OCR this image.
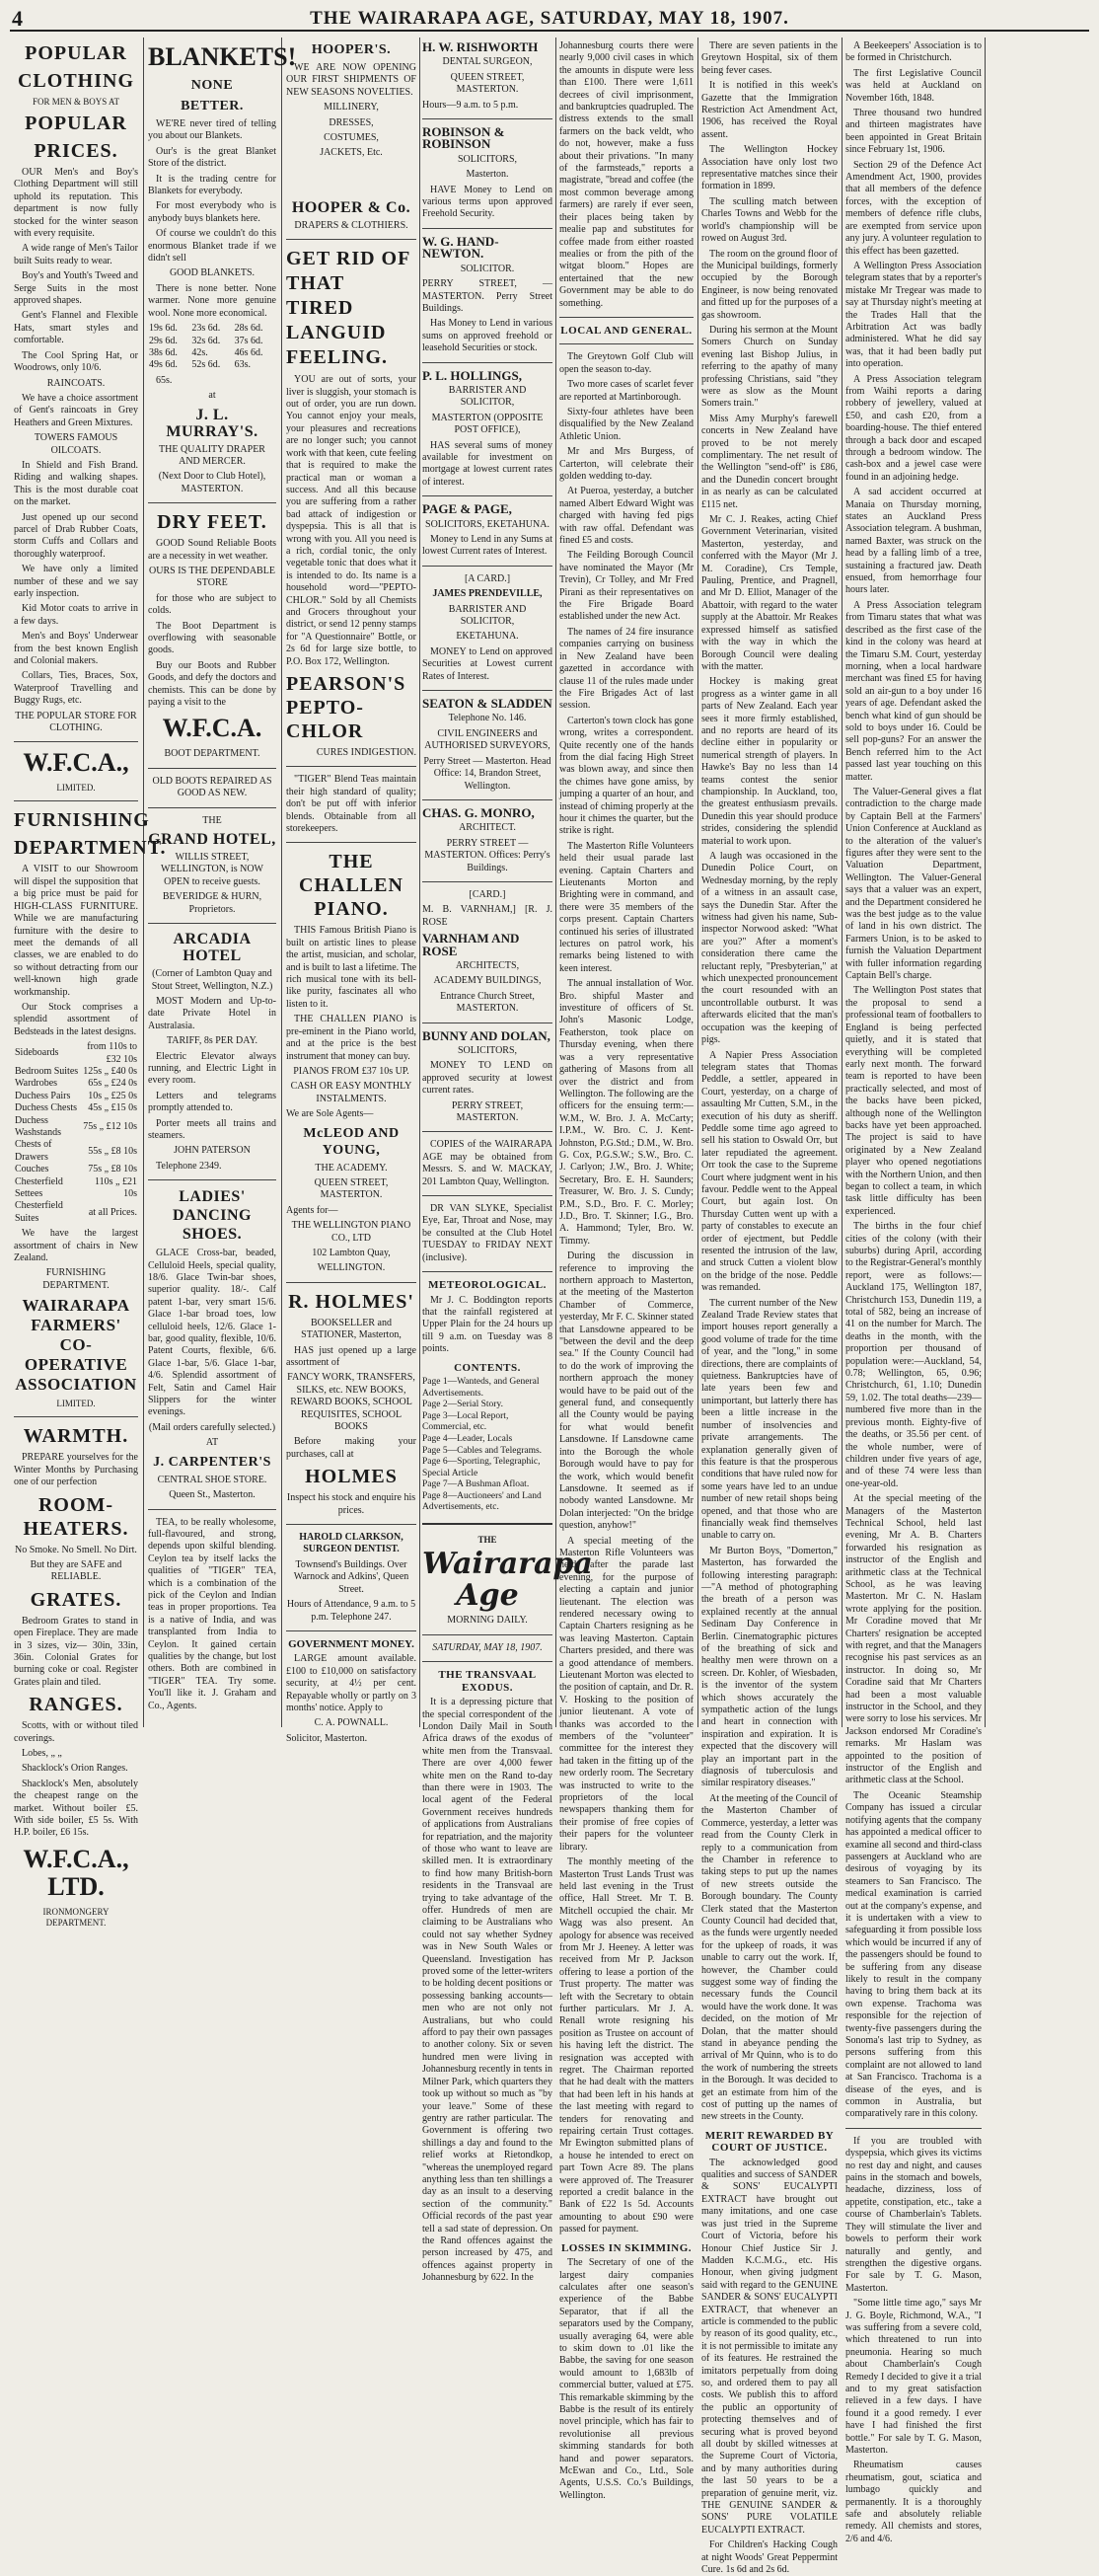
4	THE WAIRARAPA AGE, SATURDAY, MAY 18, 1907.
POPULAR
CLOTHING
FOR MEN & BOYS AT
POPULAR
PRICES.

OUR Men's and Boy's Clothing Department will still uphold its reputation. This department is now fully stocked for the winter season with every requisite.

A wide range of Men's Tailor built Suits ready to wear.

Boy's and Youth's Tweed and Serge Suits in the most approved shapes.

Gent's Flannel and Flexible Hats, smart styles and comfortable.

The Cool Spring Hat, or Woodrows, only 10/6.

RAINCOATS.

We have a choice assortment of Gent's raincoats in Grey Heathers and Green Mixtures.

TOWERS FAMOUS OILCOATS.

In Shield and Fish Brand. Riding and walking shapes. This is the most durable coat on the market.

Just opened up our second parcel of Drab Rubber Coats, storm Cuffs and Collars and thoroughly waterproof.

We have only a limited number of these and we say early inspection.

Kid Motor coats to arrive in a few days.

Men's and Boys' Underwear from the best known English and Colonial makers.

Collars, Ties, Braces, Sox, Waterproof Travelling and Buggy Rugs, etc.

THE POPULAR STORE FOR CLOTHING.
W.F.C.A.,
LIMITED.
FURNISHING
DEPARTMENT.

A VISIT to our Showroom will dispel the supposition that a big price must be paid for HIGH-CLASS FURNITURE. While we are manufacturing furniture with the desire to meet the demands of all classes, we are enabled to do so without detracting from our well-known high grade workmanship.

Our Stock comprises a splendid assortment of Bedsteads in the latest designs.

Sideboards	from 110s to £32 10s
Bedroom Suites	125s „ £40 0s
Wardrobes	65s „ £24 0s
Duchess Pairs	10s „ £25 0s
Duchess Chests	45s „ £15 0s
Duchess Washstands	75s „ £12 10s
Chests of Drawers	55s „ £8 10s
Couches	75s „ £8 10s
Chesterfield Settees	110s „ £21 10s
Chesterfield Suites	at all Prices.

We have the largest assortment of chairs in New Zealand.

FURNISHING DEPARTMENT.
WAIRARAPA FARMERS' CO-OPERATIVE ASSOCIATION
LIMITED.
WARMTH.

PREPARE yourselves for the Winter Months by Purchasing one of our perfection

ROOM-HEATERS.

No Smoke. No Smell. No Dirt.

But they are SAFE and RELIABLE.

GRATES.

Bedroom Grates to stand in open Fireplace. They are made in 3 sizes, viz— 30in, 33in, 36in. Colonial Grates for burning coke or coal. Register Grates plain and tiled.

RANGES.

Scotts, with or without tiled coverings.

Lobes, „ „

Shacklock's Orion Ranges.

Shacklock's Men, absolutely the cheapest range on the market. Without boiler £5. With side boiler, £5 5s. With H.P. boiler, £6 15s.

W.F.C.A., LTD.
IRONMONGERY DEPARTMENT.
BLANKETS!
NONE
BETTER.

WE'RE never tired of telling you about our Blankets.

Our's is the great Blanket Store of the district.

It is the trading centre for Blankets for everybody.

For most everybody who is anybody buys blankets here.

Of course we couldn't do this enormous Blanket trade if we didn't sell

GOOD BLANKETS.

There is none better. None warmer. None more genuine wool. None more economical.

19s 6d.	23s 6d.	28s 6d.
29s 6d.	32s 6d.	37s 6d.
38s 6d.	42s.	46s 6d.
49s 6d.	52s 6d.	63s.

65s.

at

J. L. MURRAY'S.

THE QUALITY DRAPER AND MERCER.

(Next Door to Club Hotel), MASTERTON.

DRY FEET.

GOOD Sound Reliable Boots are a necessity in wet weather.

OURS IS THE DEPENDABLE STORE

for those who are subject to colds.

The Boot Department is overflowing with seasonable goods.

Buy our Boots and Rubber Goods, and defy the doctors and chemists. This can be done by paying a visit to the

W.F.C.A.

BOOT DEPARTMENT.

OLD BOOTS REPAIRED AS GOOD AS NEW.

THE

GRAND HOTEL,

WILLIS STREET, WELLINGTON, is NOW OPEN to receive guests.

BEVERIDGE & HURN, Proprietors.

ARCADIA HOTEL

(Corner of Lambton Quay and Stout Street, Wellington, N.Z.)

MOST Modern and Up-to-date Private Hotel in Australasia.

TARIFF, 8s PER DAY.

Electric Elevator always running, and Electric Light in every room.

Letters and telegrams promptly attended to.

Porter meets all trains and steamers.

JOHN PATERSON

Telephone 2349.

LADIES' DANCING SHOES.

GLACE Cross-bar, beaded, Celluloid Heels, special quality, 18/6. Glace Twin-bar shoes, superior quality. 18/-. Calf patent 1-bar, very smart 15/6. Glace 1-bar broad toes, low celluloid heels, 12/6. Glace 1-bar, good quality, flexible, 10/6. Patent Courts, flexible, 6/6. Glace 1-bar, 5/6. Glace 1-bar, 4/6. Splendid assortment of Felt, Satin and Camel Hair Slippers for the winter evenings.

(Mail orders carefully selected.)

AT

J. CARPENTER'S

CENTRAL SHOE STORE.

Queen St., Masterton.

TEA, to be really wholesome, full-flavoured, and strong, depends upon skilful blending. Ceylon tea by itself lacks the qualities of "TIGER" TEA, which is a combination of the pick of the Ceylon and Indian teas in proper proportions. Tea is a native of India, and was transplanted from India to Ceylon. It gained certain qualities by the change, but lost others. Both are combined in "TIGER" TEA. Try some. You'll like it. J. Graham and Co., Agents.

HOOPER'S.

WE ARE NOW OPENING OUR FIRST SHIPMENTS OF NEW SEASONS NOVELTIES.

MILLINERY,

DRESSES,

COSTUMES,

JACKETS, Etc.

HOOPER & Co.

DRAPERS & CLOTHIERS.

GET RID OF THAT TIRED LANGUID FEELING.

YOU are out of sorts, your liver is sluggish, your stomach is out of order, you are run down. You cannot enjoy your meals, your pleasures and recreations are no longer such; you cannot work with that keen, cute feeling that is required to make the practical man or woman a success. And all this because you are suffering from a rather bad attack of indigestion or dyspepsia. This is all that is wrong with you. All you need is a rich, cordial tonic, the only vegetable tonic that does what it is intended to do. Its name is a household word—"PEPTO-CHLOR." Sold by all Chemists and Grocers throughout your district, or send 12 penny stamps for "A Questionnaire" Bottle, or 2s 6d for large size bottle, to P.O. Box 172, Wellington.

PEARSON'S PEPTO-CHLOR

CURES INDIGESTION.

"TIGER" Blend Teas maintain their high standard of quality; don't be put off with inferior blends. Obtainable from all storekeepers.

THE CHALLEN PIANO.

THIS Famous British Piano is built on artistic lines to please the artist, musician, and scholar, and is built to last a lifetime. The rich musical tone with its bell-like purity, fascinates all who listen to it.

THE CHALLEN PIANO is pre-eminent in the Piano world, and at the price is the best instrument that money can buy.

PIANOS FROM £37 10s UP.

CASH OR EASY MONTHLY INSTALMENTS.

We are Sole Agents—

McLEOD AND YOUNG,

THE ACADEMY.

QUEEN STREET, MASTERTON.

Agents for—

THE WELLINGTON PIANO CO., LTD

102 Lambton Quay,

WELLINGTON.

R. HOLMES'

BOOKSELLER and STATIONER, Masterton,

HAS just opened up a large assortment of

FANCY WORK, TRANSFERS, SILKS, etc. NEW BOOKS, REWARD BOOKS, SCHOOL REQUISITES, SCHOOL BOOKS

Before making your purchases, call at

HOLMES

Inspect his stock and enquire his prices.

HAROLD CLARKSON, SURGEON DENTIST.

Townsend's Buildings. Over Warnock and Adkins', Queen Street.

Hours of Attendance, 9 a.m. to 5 p.m. Telephone 247.

GOVERNMENT MONEY.

LARGE amount available. £100 to £10,000 on satisfactory security, at 4½ per cent. Repayable wholly or partly on 3 months' notice. Apply to

C. A. POWNALL.

Solicitor, Masterton.

H. W. RISHWORTH

DENTAL SURGEON,

QUEEN STREET, MASTERTON.

Hours—9 a.m. to 5 p.m.

ROBINSON & ROBINSON

SOLICITORS,

Masterton.

HAVE Money to Lend on various terms upon approved Freehold Security.

W. G. HAND-NEWTON.

SOLICITOR.

PERRY STREET, — MASTERTON. Perry Street Buildings.

Has Money to Lend in various sums on approved freehold or leasehold Securities or stock.

P. L. HOLLINGS,

BARRISTER AND SOLICITOR,

MASTERTON (OPPOSITE POST OFFICE),

HAS several sums of money available for investment on mortgage at lowest current rates of interest.

PAGE & PAGE,

SOLICITORS, EKETAHUNA.

Money to Lend in any Sums at lowest Current rates of Interest.

[A CARD.]

JAMES PRENDEVILLE,

BARRISTER AND SOLICITOR,

EKETAHUNA.

MONEY to Lend on approved Securities at Lowest current Rates of Interest.

SEATON & SLADDEN

Telephone No. 146.

CIVIL ENGINEERS and AUTHORISED SURVEYORS,

Perry Street — Masterton. Head Office: 14, Brandon Street, Wellington.

CHAS. G. MONRO,

ARCHITECT.

PERRY STREET — MASTERTON. Offices: Perry's Buildings.

[CARD.]

M. B. VARNHAM,] [R. J. ROSE

VARNHAM AND ROSE

ARCHITECTS,

ACADEMY BUILDINGS,

Entrance Church Street, MASTERTON.

BUNNY AND DOLAN,

SOLICITORS,

MONEY TO LEND on approved security at lowest current rates.

PERRY STREET, MASTERTON.

COPIES of the WAIRARAPA AGE may be obtained from Messrs. S. and W. MACKAY, 201 Lambton Quay, Wellington.

DR VAN SLYKE, Specialist Eye, Ear, Throat and Nose, may be consulted at the Club Hotel TUESDAY to FRIDAY NEXT (inclusive).

METEOROLOGICAL.

Mr J. C. Boddington reports that the rainfall registered at Upper Plain for the 24 hours up till 9 a.m. on Tuesday was 8 points.

CONTENTS.
Page 1—Wanteds, and General Advertisements.
Page 2—Serial Story.
Page 3—Local Report, Commercial, etc.
Page 4—Leader, Locals
Page 5—Cables and Telegrams.
Page 6—Sporting, Telegraphic, Special Article
Page 7—A Bushman Afloat.
Page 8—Auctioneers' and Land Advertisements, etc.

THE

Wairarapa Age

MORNING DAILY.

SATURDAY, MAY 18, 1907.

THE TRANSVAAL EXODUS.

It is a depressing picture that the special correspondent of the London Daily Mail in South Africa draws of the exodus of white men from the Transvaal. There are over 4,000 fewer white men on the Rand to-day than there were in 1903. The local agent of the Federal Government receives hundreds of applications from Australians for repatriation, and the majority of those who want to leave are skilled men. It is extraordinary to find how many British-born residents in the Transvaal are trying to take advantage of the offer. Hundreds of men are claiming to be Australians who could not say whether Sydney was in New South Wales or Queensland. Investigation has proved some of the letter-writers to be holding decent positions or possessing banking accounts—men who are not only not Australians, but who could afford to pay their own passages to another colony. Six or seven hundred men were living in Johannesburg recently in tents in Milner Park, which quarters they took up without so much as "by your leave." Some of these gentry are rather particular. The Government is offering two shillings a day and found to the relief works at Rietondkop, "whereas the unemployed regard anything less than ten shillings a day as an insult to a deserving section of the community." Official records of the past year tell a sad state of depression. On the Rand offences against the person increased by 475, and offences against property in Johannesburg by 622. In the

Johannesburg courts there were nearly 9,000 civil cases in which the amounts in dispute were less than £100. There were 1,611 decrees of civil imprisonment, and bankruptcies quadrupled. The distress extends to the small farmers on the back veldt, who do not, however, make a fuss about their privations. "In many of the farmsteads," reports a magistrate, "bread and coffee (the most common beverage among farmers) are rarely if ever seen, their places being taken by mealie pap and substitutes for coffee made from either roasted mealies or from the pith of the witgat bloom." Hopes are entertained that the new Government may be able to do something.

LOCAL AND GENERAL.

The Greytown Golf Club will open the season to-day.

Two more cases of scarlet fever are reported at Martinborough.

Sixty-four athletes have been disqualified by the New Zealand Athletic Union.

Mr and Mrs Burgess, of Carterton, will celebrate their golden wedding to-day.

At Pueroa, yesterday, a butcher named Albert Edward Wight was charged with having fed pigs with raw offal. Defendant was fined £5 and costs.

The Feilding Borough Council have nominated the Mayor (Mr Trevin), Cr Tolley, and Mr Fred Pirani as their representatives on the Fire Brigade Board established under the new Act.

The names of 24 fire insurance companies carrying on business in New Zealand have been gazetted in accordance with clause 11 of the rules made under the Fire Brigades Act of last session.

Carterton's town clock has gone wrong, writes a correspondent. Quite recently one of the hands from the dial facing High Street was blown away, and since then the chimes have gone amiss, by jumping a quarter of an hour, and instead of chiming properly at the hour it chimes the quarter, but the strike is right.

The Masterton Rifle Volunteers held their usual parade last evening. Captain Charters and Lieutenants Morton and Brighting were in command, and there were 35 members of the corps present. Captain Charters continued his series of illustrated lectures on patrol work, his remarks being listened to with keen interest.

The annual installation of Wor. Bro. shipful Master and investiture of officers of St. John's Masonic Lodge, Featherston, took place on Thursday evening, when there was a very representative gathering of Masons from all over the district and from Wellington. The following are the officers for the ensuing term:—W.M., W. Bro. J. A. McCarty; I.P.M., W. Bro. C. J. Kent-Johnston, P.G.Std.; D.M., W. Bro. G. Cox, P.G.S.W.; S.W., Bro. C. J. Carlyon; J.W., Bro. J. White; Secretary, Bro. E. H. Saunders; Treasurer, W. Bro. J. S. Cundy; P.M., S.D., Bro. F. C. Morley; J.D., Bro. T. Skinner; I.G., Bro. A. Hammond; Tyler, Bro. W. Timmy.

During the discussion in reference to improving the northern approach to Masterton, at the meeting of the Masterton Chamber of Commerce, yesterday, Mr F. C. Skinner stated that Lansdowne appeared to be "between the devil and the deep sea." If the County Council had to do the work of improving the northern approach the money would have to be paid out of the general fund, and consequently all the County would be paying for what would benefit Lansdowne. If Lansdowne came into the Borough the whole Borough would have to pay for the work, which would benefit Lansdowne. It seemed as if nobody wanted Lansdowne. Mr Dolan interjected: "On the bridge question, anyhow!"

A special meeting of the Masterton Rifle Volunteers was held, after the parade last evening, for the purpose of electing a captain and junior lieutenant. The election was rendered necessary owing to Captain Charters resigning as he was leaving Masterton. Captain Charters presided, and there was a good attendance of members. Lieutenant Morton was elected to the position of captain, and Dr. R. V. Hosking to the position of junior lieutenant. A vote of thanks was accorded to the members of the "volunteer" committee for the interest they had taken in the fitting up of the new orderly room. The Secretary was instructed to write to the proprietors of the local newspapers thanking them for their promise of free copies of their papers for the volunteer library.

The monthly meeting of the Masterton Trust Lands Trust was held last evening in the Trust office, Hall Street. Mr T. B. Mitchell occupied the chair. Mr Wagg was also present. An apology for absence was received from Mr J. Heeney. A letter was received from Mr P. Jackson offering to lease a portion of the Trust property. The matter was left with the Secretary to obtain further particulars. Mr J. A. Renall wrote resigning his position as Trustee on account of his having left the district. The resignation was accepted with regret. The Chairman reported that he had dealt with the matters that had been left in his hands at the last meeting with regard to tenders for renovating and repairing certain Trust cottages. Mr Ewington submitted plans of a house he intended to erect on part Town Acre 89. The plans were approved of. The Treasurer reported a credit balance in the Bank of £22 1s 5d. Accounts amounting to about £90 were passed for payment.

LOSSES IN SKIMMING.

The Secretary of one of the largest dairy companies calculates after one season's experience of the Babbe Separator, that if all the separators used by the Company, usually averaging 64, were able to skim down to .01 like the Babbe, the saving for one season would amount to 1,683lb of commercial butter, valued at £75. This remarkable skimming by the Babbe is the result of its entirely novel principle, which has fair to revolutionise all previous skimming standards for both hand and power separators. McEwan and Co., Ltd., Sole Agents, U.S.S. Co.'s Buildings, Wellington.

There are seven patients in the Greytown Hospital, six of them being fever cases.

It is notified in this week's Gazette that the Immigration Restriction Act Amendment Act, 1906, has received the Royal assent.

The Wellington Hockey Association have only lost two representative matches since their formation in 1899.

The sculling match between Charles Towns and Webb for the world's championship will be rowed on August 3rd.

The room on the ground floor of the Municipal buildings, formerly occupied by the Borough Engineer, is now being renovated and fitted up for the purposes of a gas showroom.

During his sermon at the Mount Somers Church on Sunday evening last Bishop Julius, in referring to the apathy of many professing Christians, said "they were as slow as the Mount Somers train."

Miss Amy Murphy's farewell concerts in New Zealand have proved to be not merely complimentary. The net result of the Wellington "send-off" is £86, and the Dunedin concert brought in as nearly as can be calculated £115 net.

Mr C. J. Reakes, acting Chief Government Veterinarian, visited Masterton, yesterday, and conferred with the Mayor (Mr J. M. Coradine), Crs Temple, Pauling, Prentice, and Pragnell, and Mr D. Elliot, Manager of the Abattoir, with regard to the water supply at the Abattoir. Mr Reakes expressed himself as satisfied with the way in which the Borough Council were dealing with the matter.

Hockey is making great progress as a winter game in all parts of New Zealand. Each year sees it more firmly established, and no reports are heard of its decline either in popularity or numerical strength of players. In Hawke's Bay no less than 14 teams contest the senior championship. In Auckland, too, the greatest enthusiasm prevails. Dunedin this year should produce strides, considering the splendid material to work upon.

A laugh was occasioned in the Dunedin Police Court, on Wednesday morning, by the reply of a witness in an assault case, says the Dunedin Star. After the witness had given his name, Sub-inspector Norwood asked: "What are you?" After a moment's consideration there came the reluctant reply, "Presbyterian," at which unexpected pronouncement the court resounded with an uncontrollable outburst. It was afterwards elicited that the man's occupation was the keeping of pigs.

A Napier Press Association telegram states that Thomas Peddle, a settler, appeared in Court, yesterday, on a charge of assaulting Mr Cutten, S.M., in the execution of his duty as sheriff. Peddle some time ago agreed to sell his station to Oswald Orr, but later repudiated the agreement. Orr took the case to the Supreme Court where judgment went in his favour. Peddle went to the Appeal Court, but again lost. On Thursday Cutten went up with a party of constables to execute an order of ejectment, but Peddle resented the intrusion of the law, and struck Cutten a violent blow on the bridge of the nose. Peddle was remanded.

The current number of the New Zealand Trade Review states that import houses report generally a good volume of trade for the time of year, and the "long," in some directions, there are complaints of quietness. Bankruptcies have of late years been few and unimportant, but latterly there has been a little increase in the number of insolvencies and private arrangements. The explanation generally given of this feature is that the prosperous conditions that have ruled now for some years have led to an undue number of new retail shops being opened, and that those who are financially weak find themselves unable to carry on.

Mr Burton Boys, "Domerton," Masterton, has forwarded the following interesting paragraph:—"A method of photographing the breath of a person was explained recently at the annual Sedinam Day Conference in Berlin. Cinematographic pictures of the breathing of sick and healthy men were thrown on a screen. Dr. Kohler, of Wiesbaden, is the inventor of the system which shows accurately the sympathetic action of the lungs and heart in connection with inspiration and expiration. It is expected that the discovery will play an important part in the diagnosis of tuberculosis and similar respiratory diseases."

At the meeting of the Council of the Masterton Chamber of Commerce, yesterday, a letter was read from the County Clerk in reply to a communication from the Chamber in reference to taking steps to put up the names of new streets outside the Borough boundary. The County Clerk stated that the Masterton County Council had decided that, as the funds were urgently needed for the upkeep of roads, it was unable to carry out the work. If, however, the Chamber could suggest some way of finding the necessary funds the Council would have the work done. It was decided, on the motion of Mr Dolan, that the matter should stand in abeyance pending the arrival of Mr Quinn, who is to do the work of numbering the streets in the Borough. It was decided to get an estimate from him of the cost of putting up the names of new streets in the County.

MERIT REWARDED BY COURT OF JUSTICE.

The acknowledged good qualities and success of SANDER & SONS' EUCALYPTI EXTRACT have brought out many imitations, and one case was just tried in the Supreme Court of Victoria, before his Honour Chief Justice Sir J. Madden K.C.M.G., etc. His Honour, when giving judgment said with regard to the GENUINE SANDER & SONS' EUCALYPTI EXTRACT, that whenever an article is commended to the public by reason of its good quality, etc., it is not permissible to imitate any of its features. He restrained the imitators perpetually from doing so, and ordered them to pay all costs. We publish this to afford the public an opportunity of protecting themselves and of securing what is proved beyond all doubt by skilled witnesses at the Supreme Court of Victoria, and by many authorities during the last 50 years to be a preparation of genuine merit, viz. THE GENUINE SANDER & SONS' PURE VOLATILE EUCALYPTI EXTRACT.

For Children's Hacking Cough at night Woods' Great Peppermint Cure. 1s 6d and 2s 6d.

A Beekeepers' Association is to be formed in Christchurch.

The first Legislative Council was held at Auckland on November 16th, 1848.

Three thousand two hundred and thirteen magistrates have been appointed in Great Britain since February 1st, 1906.

Section 29 of the Defence Act Amendment Act, 1900, provides that all members of the defence forces, with the exception of members of defence rifle clubs, are exempted from service upon any jury. A volunteer regulation to this effect has been gazetted.

A Wellington Press Association telegram states that by a reporter's mistake Mr Tregear was made to say at Thursday night's meeting at the Trades Hall that the Arbitration Act was badly administered. What he did say was, that it had been badly put into operation.

A Press Association telegram from Waihi reports a daring robbery of jewellery, valued at £50, and cash £20, from a boarding-house. The thief entered through a back door and escaped through a bedroom window. The cash-box and a jewel case were found in an adjoining hedge.

A sad accident occurred at Manaia on Thursday morning, states an Auckland Press Association telegram. A bushman, named Baxter, was struck on the head by a falling limb of a tree, sustaining a fractured jaw. Death ensued, from hemorrhage four hours later.

A Press Association telegram from Timaru states that what was described as the first case of the kind in the colony was heard at the Timaru S.M. Court, yesterday morning, when a local hardware merchant was fined £5 for having sold an air-gun to a boy under 16 years of age. Defendant asked the bench what kind of gun should be sold to boys under 16. Could be sell pop-guns? For an answer the Bench referred him to the Act passed last year touching on this matter.

The Valuer-General gives a flat contradiction to the charge made by Captain Bell at the Farmers' Union Conference at Auckland as to the alteration of the valuer's figures after they were sent to the Valuation Department, Wellington. The Valuer-General says that a valuer was an expert, and the Department considered he was the best judge as to the value of land in his own district. The Farmers Union, is to be asked to furnish the Valuation Department with fuller information regarding Captain Bell's charge.

The Wellington Post states that the proposal to send a professional team of footballers to England is being perfected quietly, and it is stated that everything will be completed early next month. The forward team is reported to have been practically selected, and most of the backs have been picked, although none of the Wellington backs have yet been approached. The project is said to have originated by a New Zealand player who opened negotiations with the Northern Union, and then began to collect a team, in which task little difficulty has been experienced.

The births in the four chief cities of the colony (with their suburbs) during April, according to the Registrar-General's monthly report, were as follows:—Auckland 175, Wellington 187, Christchurch 153, Dunedin 119, a total of 582, being an increase of 41 on the number for March. The deaths in the month, with the proportion per thousand of population were:—Auckland, 54, 0.78; Wellington, 65, 0.96; Christchurch, 61, 1.10; Dunedin 59, 1.02. The total deaths—239—numbered five more than in the previous month. Eighty-five of the deaths, or 35.56 per cent. of the whole number, were of children under five years of age, and of these 74 were less than one-year-old.

At the special meeting of the Managers of the Masterton Technical School, held last evening, Mr A. B. Charters forwarded his resignation as instructor of the English and arithmetic class at the Technical School, as he was leaving Masterton. Mr C. N. Haslam wrote applying for the position. Mr Coradine moved that Mr Charters' resignation be accepted with regret, and that the Managers recognise his past services as an instructor. In doing so, Mr Coradine said that Mr Charters had been a most valuable instructor in the School, and they were sorry to lose his services. Mr Jackson endorsed Mr Coradine's remarks. Mr Haslam was appointed to the position of instructor of the English and arithmetic class at the School.

The Oceanic Steamship Company has issued a circular notifying agents that the company has appointed a medical officer to examine all second and third-class passengers at Auckland who are desirous of voyaging by its steamers to San Francisco. The medical examination is carried out at the company's expense, and it is undertaken with a view to safeguarding it from possible loss which would be incurred if any of the passengers should be found to be suffering from any disease likely to result in the company having to bring them back at its own expense. Trachoma was responsible for the rejection of twenty-five passengers during the Sonoma's last trip to Sydney, as persons suffering from this complaint are not allowed to land at San Francisco. Trachoma is a disease of the eyes, and is common in Australia, but comparatively rare in this colony.

If you are troubled with dyspepsia, which gives its victims no rest day and night, and causes pains in the stomach and bowels, headache, dizziness, loss of appetite, constipation, etc., take a course of Chamberlain's Tablets. They will stimulate the liver and bowels to perform their work naturally and gently, and strengthen the digestive organs. For sale by T. G. Mason, Masterton.

"Some little time ago," says Mr J. G. Boyle, Richmond, W.A., "I was suffering from a severe cold, which threatened to run into pneumonia. Hearing so much about Chamberlain's Cough Remedy I decided to give it a trial and to my great satisfaction relieved in a few days. I have found it a good remedy. I ever have I had finished the first bottle." For sale by T. G. Mason, Masterton.

Rheumatism causes rheumatism, gout, sciatica and lumbago quickly and permanently. It is a thoroughly safe and absolutely reliable remedy. All chemists and stores, 2/6 and 4/6.
